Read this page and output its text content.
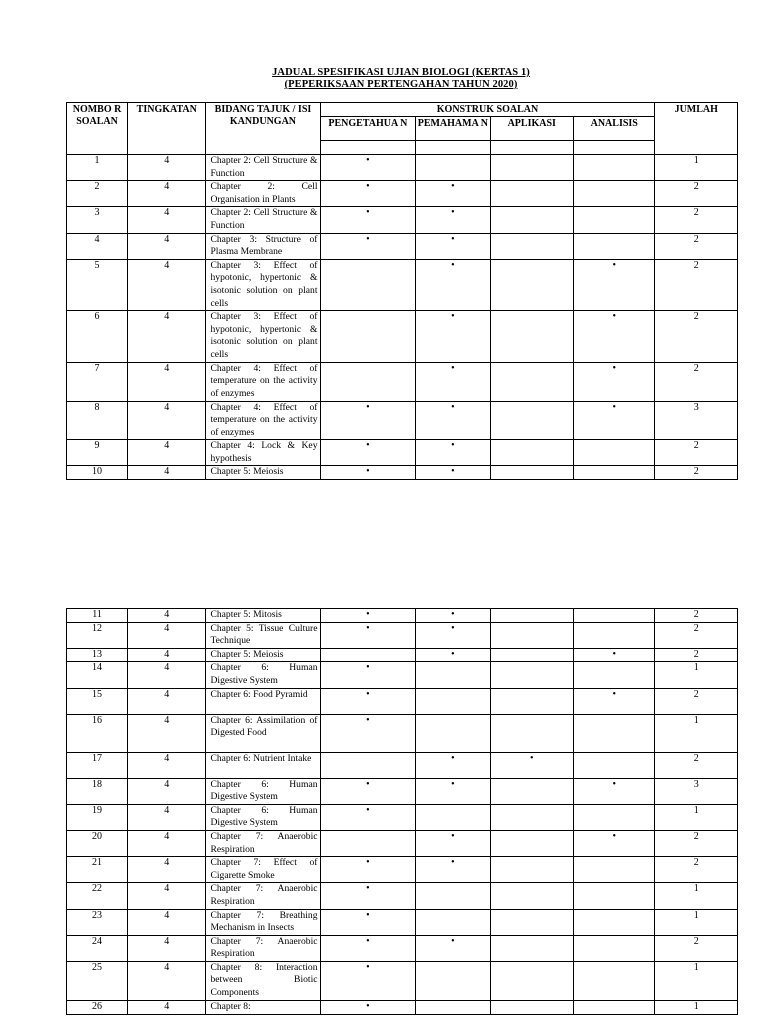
JADUAL SPESIFIKASI UJIAN BIOLOGI (KERTAS 1)
(PEPERIKSAAN PERTENGAHAN TAHUN 2020)
NOMBO R SOALAN	TINGKATAN	BIDANG TAJUK / ISI KANDUNGAN	KONSTRUK SOALAN				JUMLAH
			PENGETAHUA N	PEMAHAMA N	APLIKASI	ANALISIS	

1	4	Chapter 2: Cell Structure & Function	•				1
2	4	Chapter 2: Cell Organisation in Plants	•	•			2
3	4	Chapter 2: Cell Structure & Function	•	•			2
4	4	Chapter 3: Structure of Plasma Membrane	•	•			2
5	4	Chapter 3: Effect of hypotonic, hypertonic & isotonic solution on plant cells		•		•	2
6	4	Chapter 3: Effect of hypotonic, hypertonic & isotonic solution on plant cells		•		•	2
7	4	Chapter 4: Effect of temperature on the activity of enzymes		•		•	2
8	4	Chapter 4: Effect of temperature on the activity of enzymes	•	•		•	3
9	4	Chapter 4: Lock & Key hypothesis	•	•			2
10	4	Chapter 5: Meiosis	•	•			2
11	4	Chapter 5: Mitosis	•	•			2
12	4	Chapter 5: Tissue Culture Technique	•	•			2
13	4	Chapter 5: Meiosis		•		•	2
14	4	Chapter 6: Human Digestive System	•				1
15	4	Chapter 6: Food Pyramid	•			•	2
16	4	Chapter 6: Assimilation of Digested Food	•				1
17	4	Chapter 6: Nutrient Intake		•	•		2
18	4	Chapter 6: Human Digestive System	•	•		•	3
19	4	Chapter 6: Human Digestive System	•				1
20	4	Chapter 7: Anaerobic Respiration		•		•	2
21	4	Chapter 7: Effect of Cigarette Smoke	•	•			2
22	4	Chapter 7: Anaerobic Respiration	•				1
23	4	Chapter 7: Breathing Mechanism in Insects	•				1
24	4	Chapter 7: Anaerobic Respiration	•	•			2
25	4	Chapter 8: Interaction between Biotic Components	•				1
26	4	Chapter 8:	•				1
